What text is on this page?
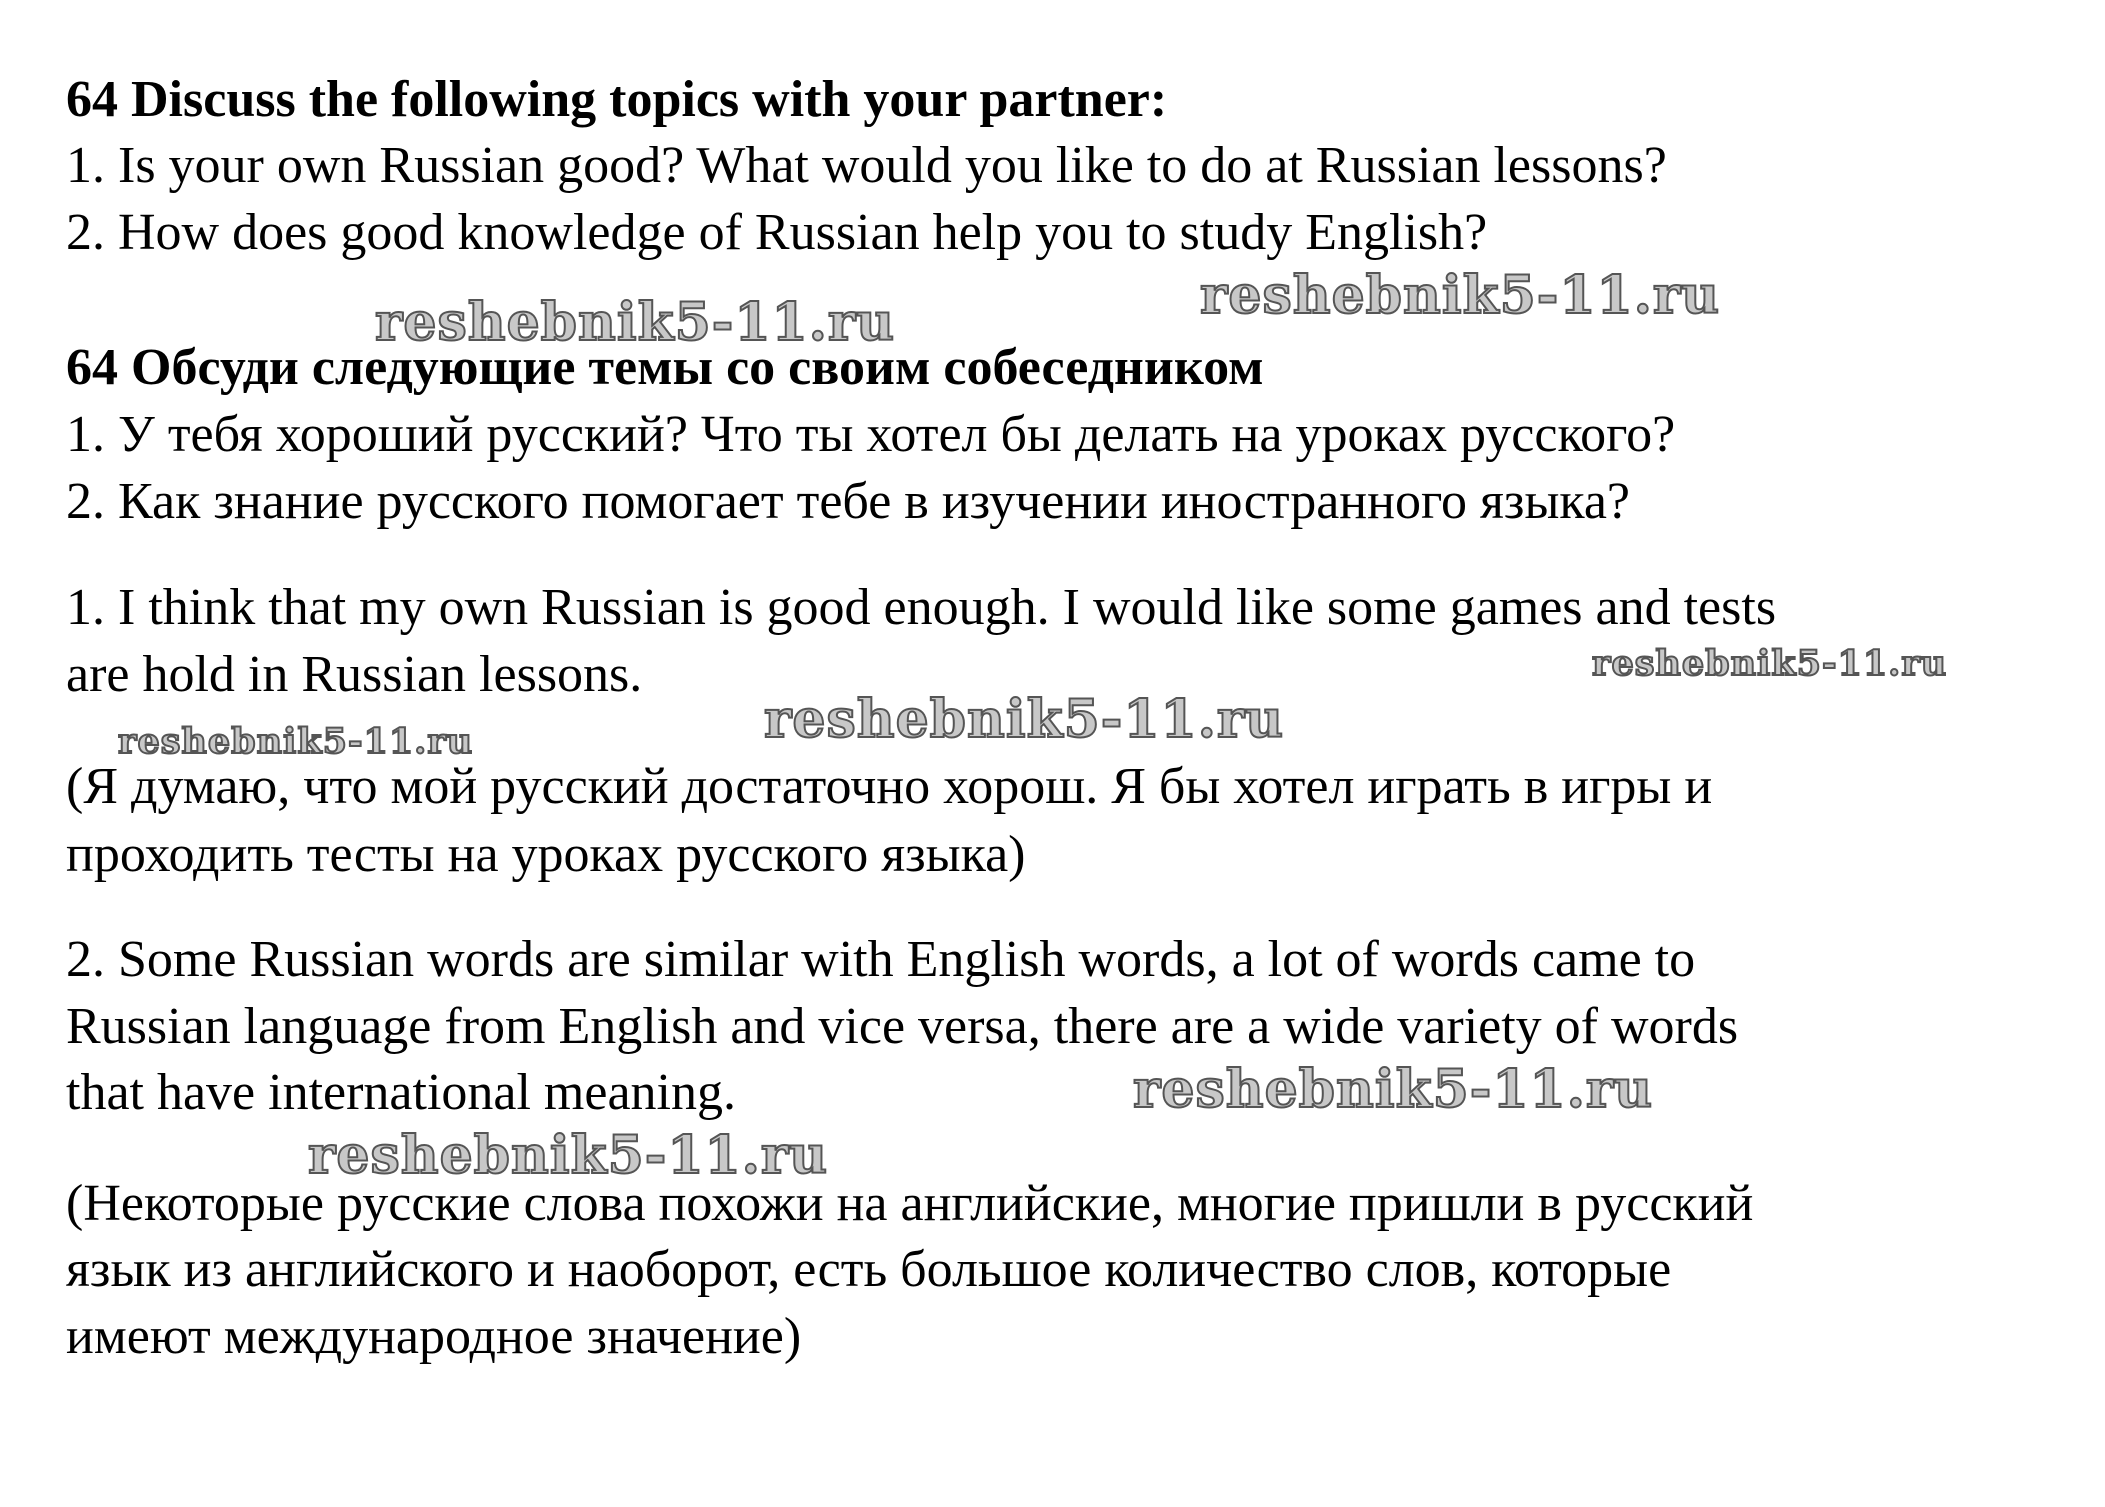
64 Discuss the following topics with your partner:
1. Is your own Russian good? What would you like to do at Russian lessons?
2. How does good knowledge of Russian help you to study English?
64 Обсуди следующие темы со своим собеседником
1. У тебя хороший русский? Что ты хотел бы делать на уроках русского?
2. Как знание русского помогает тебе в изучении иностранного языка?
1. I think that my own Russian is good enough. I would like some games and tests
are hold in Russian lessons.
(Я думаю, что мой русский достаточно хорош. Я бы хотел играть в игры и
проходить тесты на уроках русского языка)
2. Some Russian words are similar with English words, a lot of words came to
Russian language from English and vice versa, there are a wide variety of words
that have international meaning.
(Некоторые русские слова похожи на английские, многие пришли в русский
язык из английского и наоборот, есть большое количество слов, которые
имеют международное значение)
reshebnik5-11.ru
reshebnik5-11.ru
reshebnik5-11.ru
reshebnik5-11.ru
reshebnik5-11.ru
reshebnik5-11.ru
reshebnik5-11.ru
